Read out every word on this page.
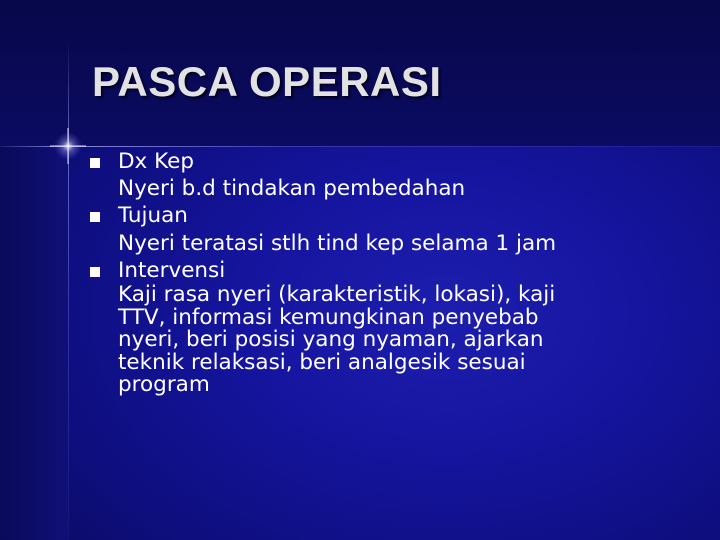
PASCA OPERASI
Dx Kep
Nyeri b.d tindakan pembedahan
Tujuan
Nyeri teratasi stlh tind kep selama 1 jam
Intervensi
Kaji rasa nyeri (karakteristik, lokasi), kaji
TTV, informasi kemungkinan penyebab
nyeri, beri posisi yang nyaman, ajarkan
teknik relaksasi, beri analgesik sesuai
program
